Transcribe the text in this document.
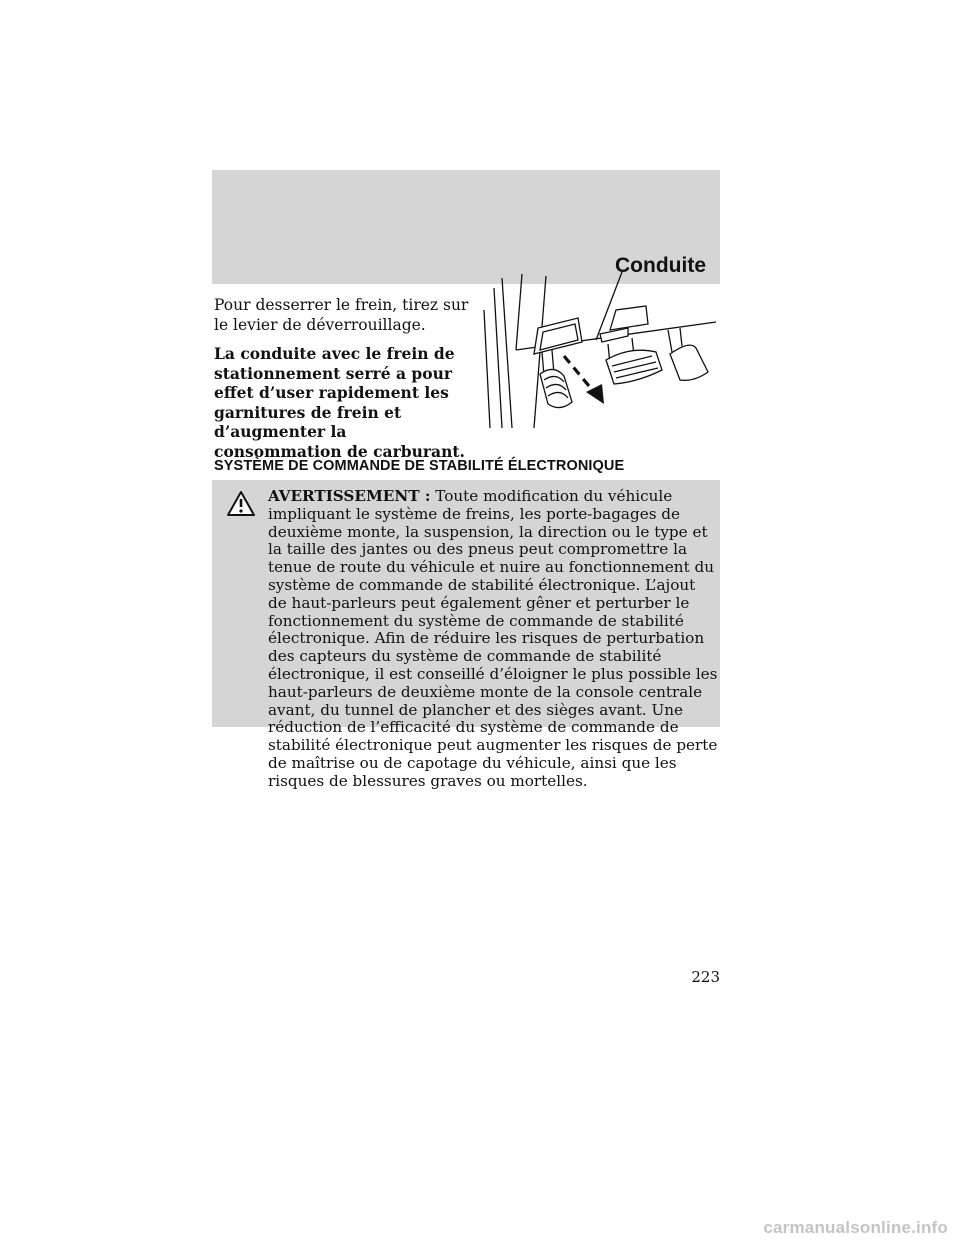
Conduite

Pour desserrer le frein, tirez sur le levier de déverrouillage.

La conduite avec le frein de stationnement serré a pour effet d’user rapidement les garnitures de frein et d’augmenter la consommation de carburant.

SYSTÈME DE COMMANDE DE STABILITÉ ÉLECTRONIQUE
AVERTISSEMENT : Toute modification du véhicule impliquant le système de freins, les porte-bagages de deuxième monte, la suspension, la direction ou le type et la taille des jantes ou des pneus peut compromettre la tenue de route du véhicule et nuire au fonctionnement du système de commande de stabilité électronique. L’ajout de haut-parleurs peut également gêner et perturber le fonctionnement du système de commande de stabilité électronique. Afin de réduire les risques de perturbation des capteurs du système de commande de stabilité électronique, il est conseillé d’éloigner le plus possible les haut-parleurs de deuxième monte de la console centrale avant, du tunnel de plancher et des sièges avant. Une réduction de l’efficacité du système de commande de stabilité électronique peut augmenter les risques de perte de maîtrise ou de capotage du véhicule, ainsi que les risques de blessures graves ou mortelles.
223
carmanualsonline.info
